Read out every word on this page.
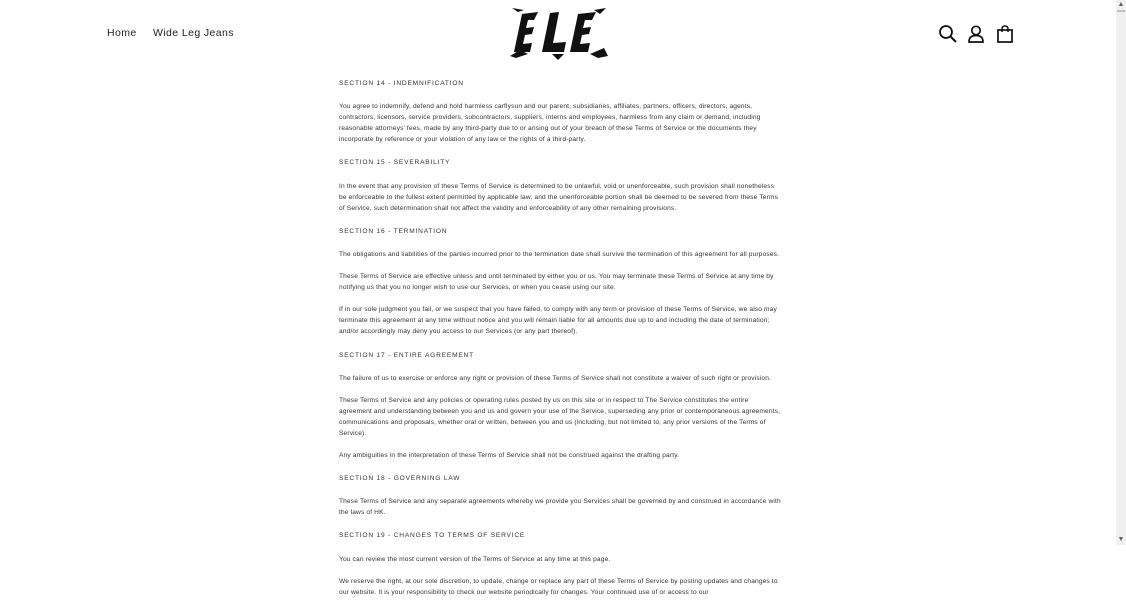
Home Wide Leg Jeans
SECTION 14 - INDEMNIFICATION
You agree to indemnify, defend and hold harmless carflysun and our parent, subsidiaries, affiliates, partners, officers, directors, agents, contractors, licensors, service providers, subcontractors, suppliers, interns and employees, harmless from any claim or demand, including reasonable attorneys’ fees, made by any third-party due to or arising out of your breach of these Terms of Service or the documents they incorporate by reference or your violation of any law or the rights of a third-party.
SECTION 15 - SEVERABILITY
In the event that any provision of these Terms of Service is determined to be unlawful, void or unenforceable, such provision shall nonetheless be enforceable to the fullest extent permitted by applicable law, and the unenforceable portion shall be deemed to be severed from these Terms of Service, such determination shall not affect the validity and enforceability of any other remaining provisions.
SECTION 16 - TERMINATION
The obligations and liabilities of the parties incurred prior to the termination date shall survive the termination of this agreement for all purposes.
These Terms of Service are effective unless and until terminated by either you or us. You may terminate these Terms of Service at any time by notifying us that you no longer wish to use our Services, or when you cease using our site.
If in our sole judgment you fail, or we suspect that you have failed, to comply with any term or provision of these Terms of Service, we also may terminate this agreement at any time without notice and you will remain liable for all amounts due up to and including the date of termination; and/or accordingly may deny you access to our Services (or any part thereof).
SECTION 17 - ENTIRE AGREEMENT
The failure of us to exercise or enforce any right or provision of these Terms of Service shall not constitute a waiver of such right or provision.
These Terms of Service and any policies or operating rules posted by us on this site or in respect to The Service constitutes the entire agreement and understanding between you and us and govern your use of the Service, superseding any prior or contemporaneous agreements, communications and proposals, whether oral or written, between you and us (including, but not limited to, any prior versions of the Terms of Service).
Any ambiguities in the interpretation of these Terms of Service shall not be construed against the drafting party.
SECTION 18 - GOVERNING LAW
These Terms of Service and any separate agreements whereby we provide you Services shall be governed by and construed in accordance with the laws of HK.
SECTION 19 - CHANGES TO TERMS OF SERVICE
You can review the most current version of the Terms of Service at any time at this page.
We reserve the right, at our sole discretion, to update, change or replace any part of these Terms of Service by posting updates and changes to our website. It is your responsibility to check our website periodically for changes. Your continued use of or access to our
▲
▼
